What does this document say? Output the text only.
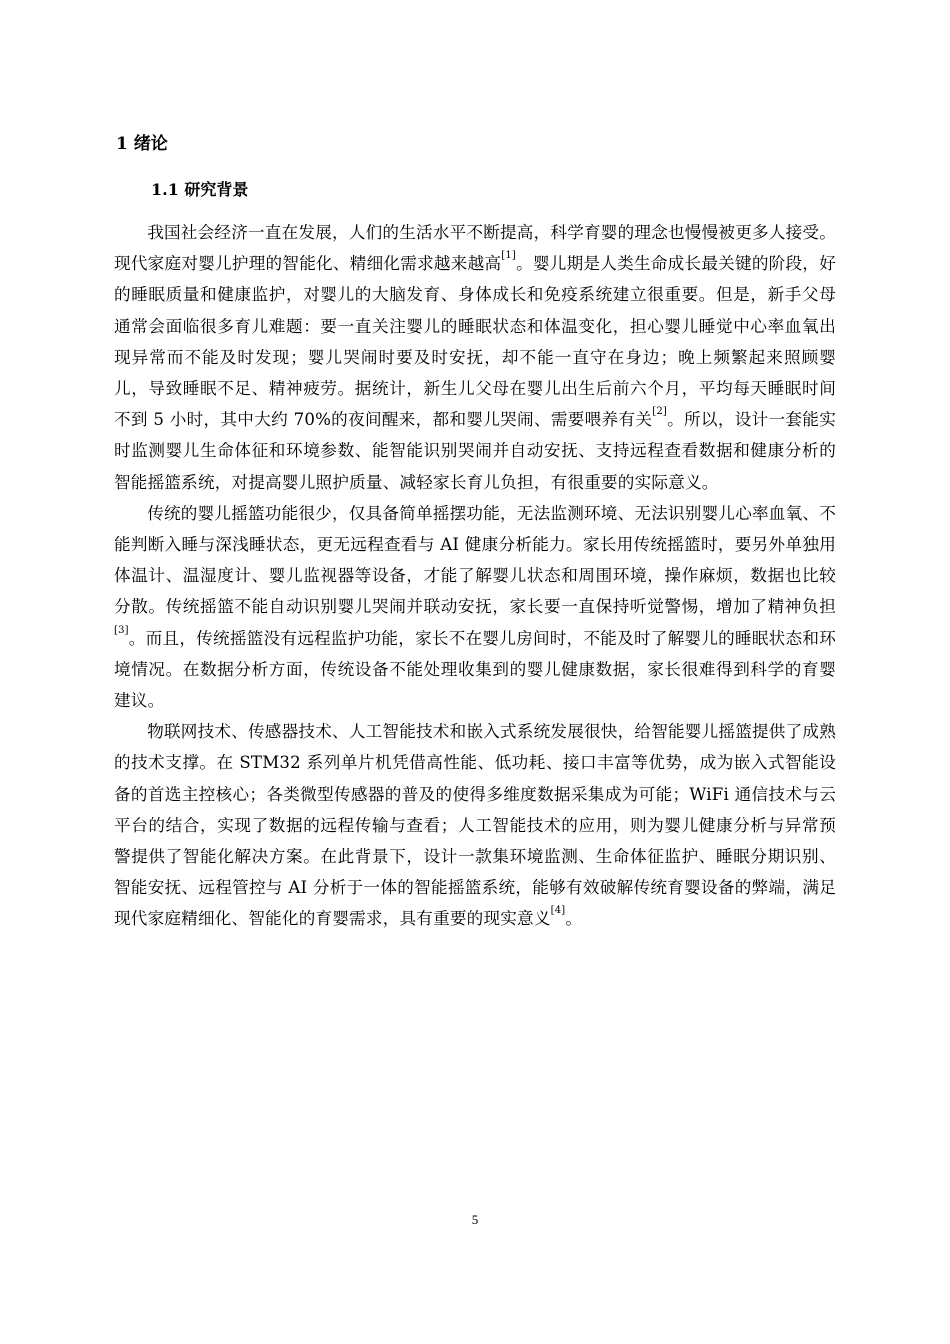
1 绪论
1.1 研究背景

我国社会经济一直在发展，人们的生活水平不断提高，科学育婴的理念也慢慢被更多人接受。现代家庭对婴儿护理的智能化、精细化需求越来越高[1]。婴儿期是人类生命成长最关键的阶段，好的睡眠质量和健康监护，对婴儿的大脑发育、身体成长和免疫系统建立很重要。但是，新手父母通常会面临很多育儿难题：要一直关注婴儿的睡眠状态和体温变化，担心婴儿睡觉中心率血氧出现异常而不能及时发现；婴儿哭闹时要及时安抚，却不能一直守在身边；晚上频繁起来照顾婴儿，导致睡眠不足、精神疲劳。据统计，新生儿父母在婴儿出生后前六个月，平均每天睡眠时间不到 5 小时，其中大约 70%的夜间醒来，都和婴儿哭闹、需要喂养有关[2]。所以，设计一套能实时监测婴儿生命体征和环境参数、能智能识别哭闹并自动安抚、支持远程查看数据和健康分析的智能摇篮系统，对提高婴儿照护质量、减轻家长育儿负担，有很重要的实际意义。

传统的婴儿摇篮功能很少，仅具备简单摇摆功能，无法监测环境、无法识别婴儿心率血氧、不能判断入睡与深浅睡状态，更无远程查看与 AI 健康分析能力。家长用传统摇篮时，要另外单独用体温计、温湿度计、婴儿监视器等设备，才能了解婴儿状态和周围环境，操作麻烦，数据也比较分散。传统摇篮不能自动识别婴儿哭闹并联动安抚，家长要一直保持听觉警惕，增加了精神负担[3]。而且，传统摇篮没有远程监护功能，家长不在婴儿房间时，不能及时了解婴儿的睡眠状态和环境情况。在数据分析方面，传统设备不能处理收集到的婴儿健康数据，家长很难得到科学的育婴建议。

物联网技术、传感器技术、人工智能技术和嵌入式系统发展很快，给智能婴儿摇篮提供了成熟的技术支撑。在 STM32 系列单片机凭借高性能、低功耗、接口丰富等优势，成为嵌入式智能设备的首选主控核心；各类微型传感器的普及的使得多维度数据采集成为可能；WiFi 通信技术与云平台的结合，实现了数据的远程传输与查看；人工智能技术的应用，则为婴儿健康分析与异常预警提供了智能化解决方案。在此背景下，设计一款集环境监测、生命体征监护、睡眠分期识别、智能安抚、远程管控与 AI 分析于一体的智能摇篮系统，能够有效破解传统育婴设备的弊端，满足现代家庭精细化、智能化的育婴需求，具有重要的现实意义[4]。

5
